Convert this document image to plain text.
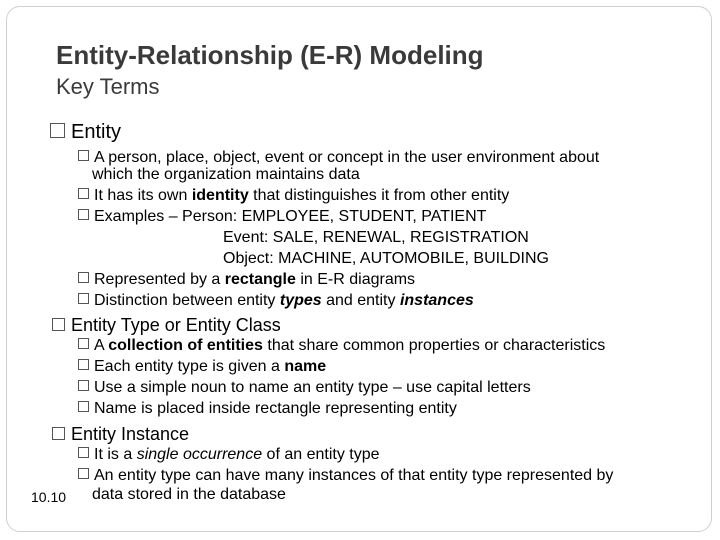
Entity-Relationship (E-R) Modeling
Key Terms
Entity
A person, place, object, event or concept in the user environment about
which the organization maintains data
It has its own identity that distinguishes it from other entity
Examples – Person: EMPLOYEE, STUDENT, PATIENT
Event: SALE, RENEWAL, REGISTRATION
Object: MACHINE, AUTOMOBILE, BUILDING
Represented by a rectangle in E-R diagrams
Distinction between entity types and entity instances
Entity Type or Entity Class
A collection of entities that share common properties or characteristics
Each entity type is given a name
Use a simple noun to name an entity type – use capital letters
Name is placed inside rectangle representing entity
Entity Instance
It is a single occurrence of an entity type
An entity type can have many instances of that entity type represented by
data stored in the database
10.10
